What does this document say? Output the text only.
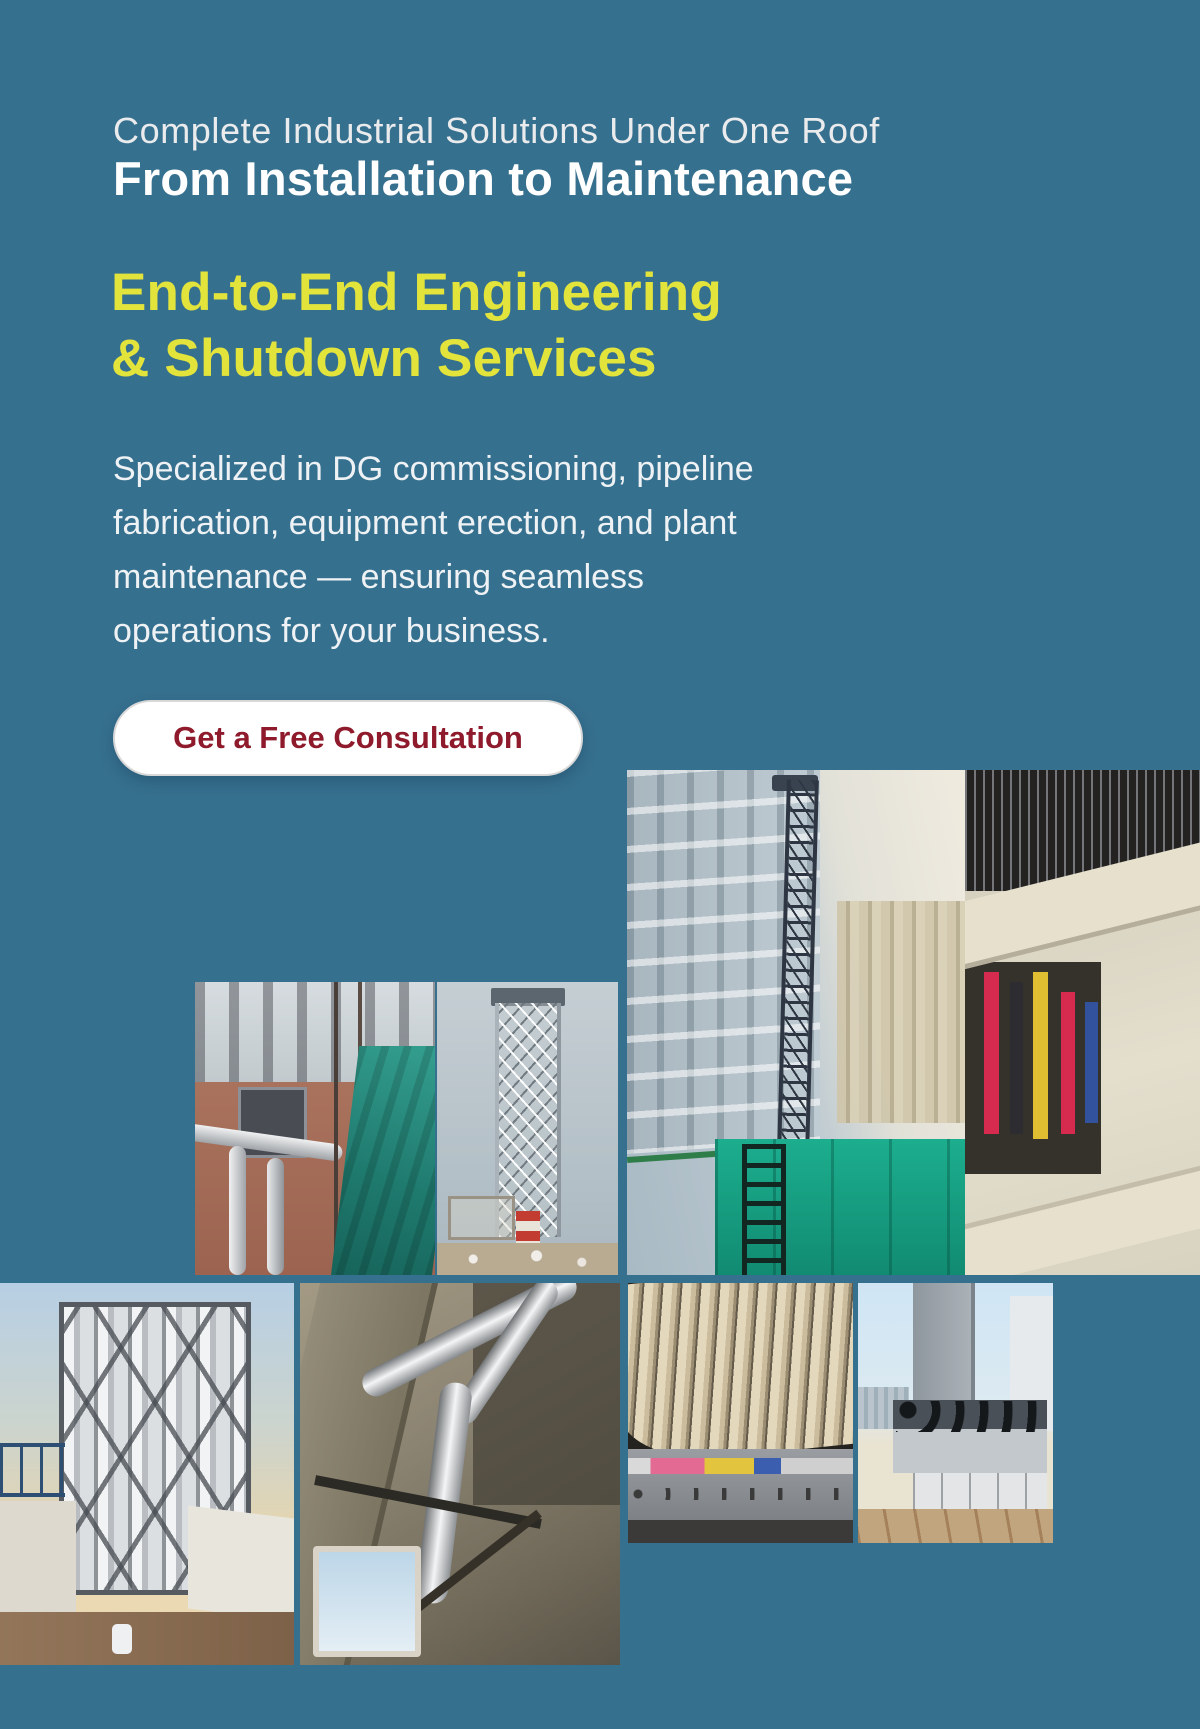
Complete Industrial Solutions Under One Roof
From Installation to Maintenance
End-to-End Engineering
& Shutdown Services

Specialized in DG commissioning, pipeline
fabrication, equipment erection, and plant
maintenance — ensuring seamless
operations for your business.

Get a Free Consultation
